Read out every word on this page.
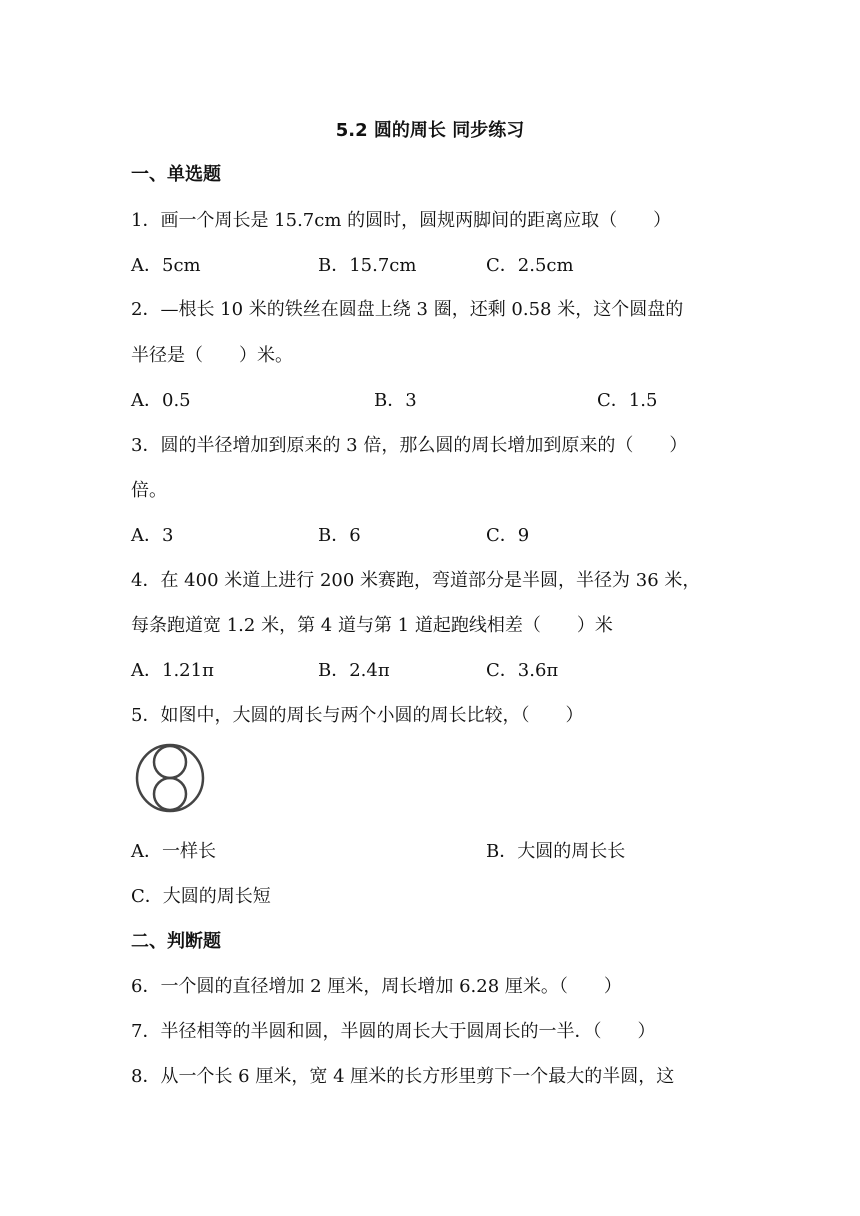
5.2 圆的周长 同步练习
一、单选题
1．画一个周长是 15.7cm 的圆时，圆规两脚间的距离应取（　　）
A．5cm	B．15.7cm	C．2.5cm
2．—根长 10 米的铁丝在圆盘上绕 3 圈，还剩 0.58 米，这个圆盘的
半径是（　　）米。
A．0.5	B．3	C．1.5
3．圆的半径增加到原来的 3 倍，那么圆的周长增加到原来的（　　）
倍。
A．3	B．6	C．9
4．在 400 米道上进行 200 米赛跑，弯道部分是半圆，半径为 36 米，
每条跑道宽 1.2 米，第 4 道与第 1 道起跑线相差（　　）米
A．1.21π	B．2.4π	C．3.6π
5．如图中，大圆的周长与两个小圆的周长比较，（　　）
A．一样长	B．大圆的周长长
C．大圆的周长短
二、判断题
6．一个圆的直径增加 2 厘米，周长增加 6.28 厘米。（　　）
7．半径相等的半圆和圆，半圆的周长大于圆周长的一半．（　　）
8．从一个长 6 厘米，宽 4 厘米的长方形里剪下一个最大的半圆，这
